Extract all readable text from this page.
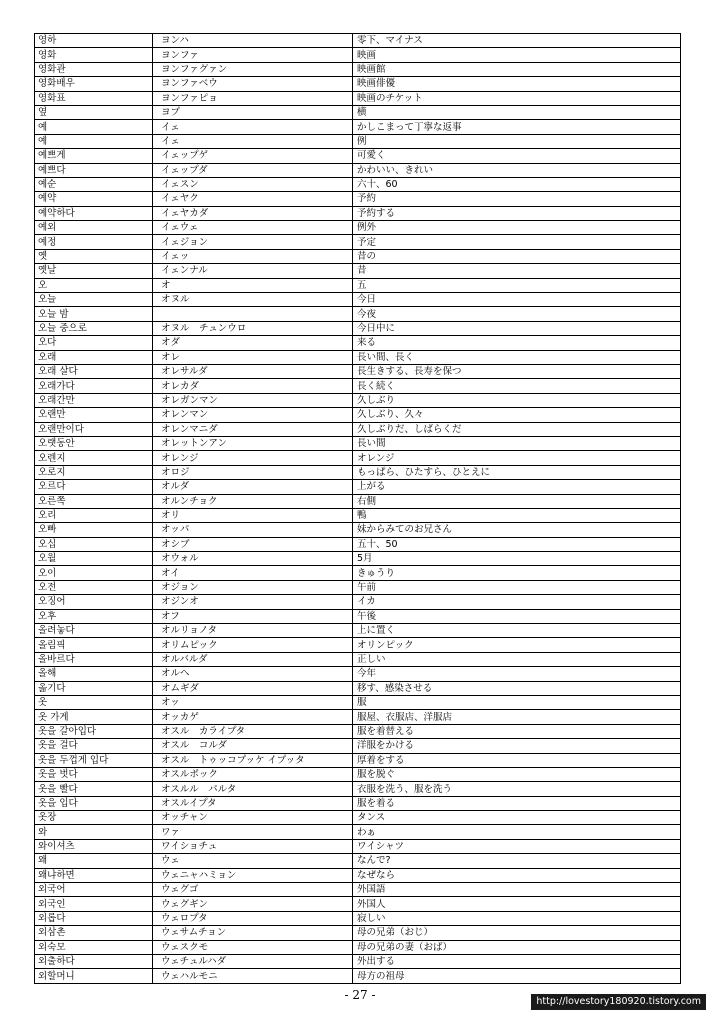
영하	ヨンハ	零下、マイナス
영화	ヨンファ	映画
영화관	ヨンファグァン	映画館
영화배우	ヨンファベウ	映画俳優
영화표	ヨンファピョ	映画のチケット
옆	ヨプ	横
예	イェ	かしこまって丁寧な返事
예	イェ	例
예쁘게	イェップゲ	可愛く
예쁘다	イェップダ	かわいい、きれい
예순	イェスン	六十、60
예약	イェヤク	予約
예약하다	イェヤカダ	予約する
예외	イェウェ	例外
예정	イェジョン	予定
옛	イェッ	昔の
옛날	イェンナル	昔
오	オ	五
오늘	オヌル	今日
오늘 밤		今夜
오늘 중으로	オヌル　チュンウロ	今日中に
오다	オダ	来る
오래	オレ	長い間、長く
오래 살다	オレサルダ	長生きする、長寿を保つ
오래가다	オレカダ	長く続く
오래간만	オレガンマン	久しぶり
오랜만	オレンマン	久しぶり、久々
오랜만이다	オレンマニダ	久しぶりだ、しばらくだ
오랫동안	オレットンアン	長い間
오렌지	オレンジ	オレンジ
오로지	オロジ	もっぱら、ひたすら、ひとえに
오르다	オルダ	上がる
오른쪽	オルンチョク	右側
오리	オリ	鴨
오빠	オッパ	妹からみてのお兄さん
오십	オシブ	五十、50
오월	オウォル	5月
오이	オイ	きゅうり
오전	オジョン	午前
오징어	オジンオ	イカ
오후	オフ	午後
올려놓다	オルリョノタ	上に置く
올림픽	オリムピック	オリンピック
올바르다	オルバルダ	正しい
올해	オルヘ	今年
옮기다	オムギダ	移す、感染させる
옷	オッ	服
옷 가게	オッカゲ	服屋、衣服店、洋服店
옷을 갈아입다	オスル　カライプタ	服を着替える
옷을 걸다	オスル　コルダ	洋服をかける
옷을 두껍게 입다	オスル　トゥッコプッケ イプッタ	厚着をする
옷을 벗다	オスルボック	服を脱ぐ
옷을 빨다	オスルル　パルタ	衣服を洗う、服を洗う
옷을 입다	オスルイプタ	服を着る
옷장	オッチャン	タンス
와	ワァ	わぁ
와이셔츠	ワイショチュ	ワイシャツ
왜	ウェ	なんで?
왜냐하면	ウェニャハミョン	なぜなら
외국어	ウェグゴ	外国語
외국인	ウェグギン	外国人
외롭다	ウェロプタ	寂しい
외삼촌	ウェサムチョン	母の兄弟（おじ）
외숙모	ウェスクモ	母の兄弟の妻（おば）
외출하다	ウェチュルハダ	外出する
외할머니	ウェハルモニ	母方の祖母
- 27 -	http://lovestory180920.tistory.com
